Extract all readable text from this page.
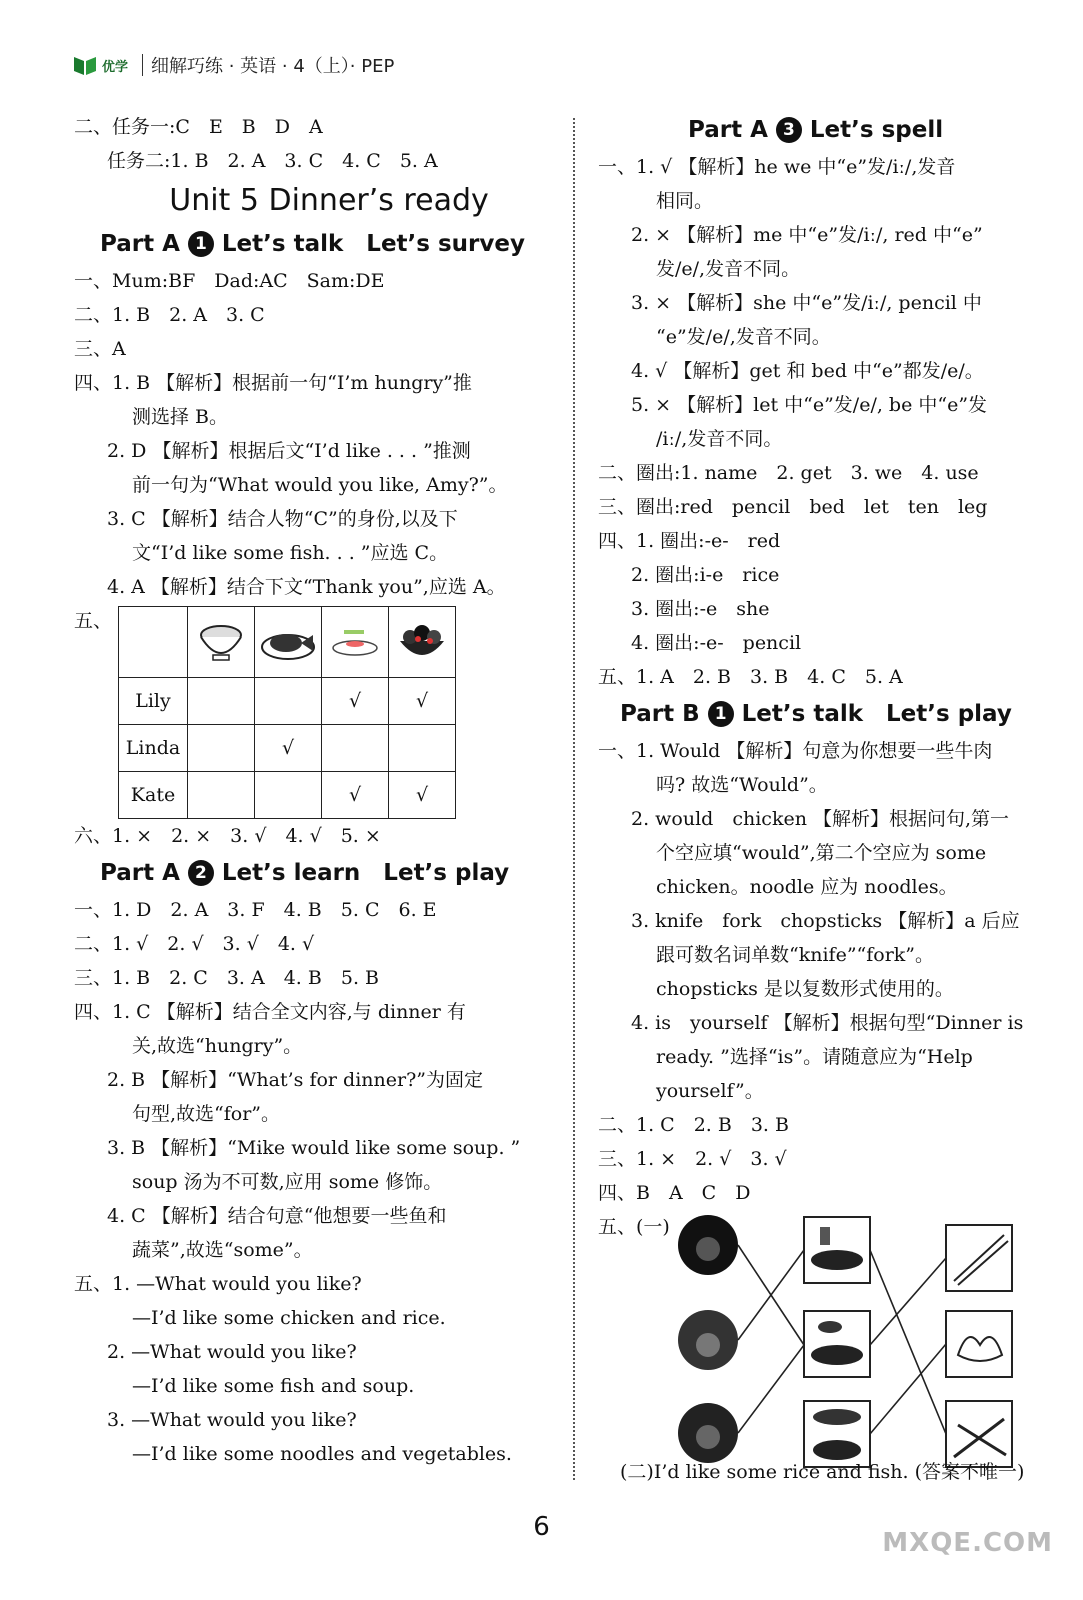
优学 细解巧练 · 英语 · 4（上）· PEP
二、任务一:C　E　B　D　A
任务二:1. B　2. A　3. C　4. C　5. A
Unit 5 Dinner’s ready
Part A 1 Let’s talk　Let’s survey
一、Mum:BF　Dad:AC　Sam:DE
二、1. B　2. A　3. C
三、A
四、1. B 【解析】根据前一句“I’m hungry”推
测选择 B。
2. D 【解析】根据后文“I’d like . . . ”推测
前一句为“What would you like, Amy?”。
3. C 【解析】结合人物“C”的身份,以及下
文“I’d like some fish. . . ”应选 C。
4. A 【解析】结合下文“Thank you”,应选 A。
五、

Lily			√	√
Linda		√		
Kate			√	√
六、1. ×　2. ×　3. √　4. √　5. ×
Part A 2 Let’s learn　Let’s play
一、1. D　2. A　3. F　4. B　5. C　6. E
二、1. √　2. √　3. √　4. √
三、1. B　2. C　3. A　4. B　5. B
四、1. C 【解析】结合全文内容,与 dinner 有
关,故选“hungry”。
2. B 【解析】“What’s for dinner?”为固定
句型,故选“for”。
3. B 【解析】“Mike would like some soup. ”
soup 汤为不可数,应用 some 修饰。
4. C 【解析】结合句意“他想要一些鱼和
蔬菜”,故选“some”。
五、1. —What would you like?
—I’d like some chicken and rice.
2. —What would you like?
—I’d like some fish and soup.
3. —What would you like?
—I’d like some noodles and vegetables.
Part A 3 Let’s spell
一、1. √ 【解析】he we 中“e”发/iː/,发音
相同。
2. × 【解析】me 中“e”发/iː/, red 中“e”
发/e/,发音不同。
3. × 【解析】she 中“e”发/iː/, pencil 中
“e”发/e/,发音不同。
4. √ 【解析】get 和 bed 中“e”都发/e/。
5. × 【解析】let 中“e”发/e/, be 中“e”发
/iː/,发音不同。
二、圈出:1. name　2. get　3. we　4. use
三、圈出:red　pencil　bed　let　ten　leg
四、1. 圈出:-e-　red
2. 圈出:i-e　rice
3. 圈出:-e　she
4. 圈出:-e-　pencil
五、1. A　2. B　3. B　4. C　5. A
Part B 1 Let’s talk　Let’s play
一、1. Would 【解析】句意为你想要一些牛肉
吗? 故选“Would”。
2. would　chicken 【解析】根据问句,第一
个空应填“would”,第二个空应为 some
chicken。noodle 应为 noodles。
3. knife　fork　chopsticks 【解析】a 后应
跟可数名词单数“knife”“fork”。
chopsticks 是以复数形式使用的。
4. is　yourself 【解析】根据句型“Dinner is
ready. ”选择“is”。请随意应为“Help
yourself”。
二、1. C　2. B　3. B
三、1. ×　2. √　3. √
四、B　A　C　D
五、(一)
(二)I’d like some rice and fish. (答案不唯一)
6
MXQE.COM
